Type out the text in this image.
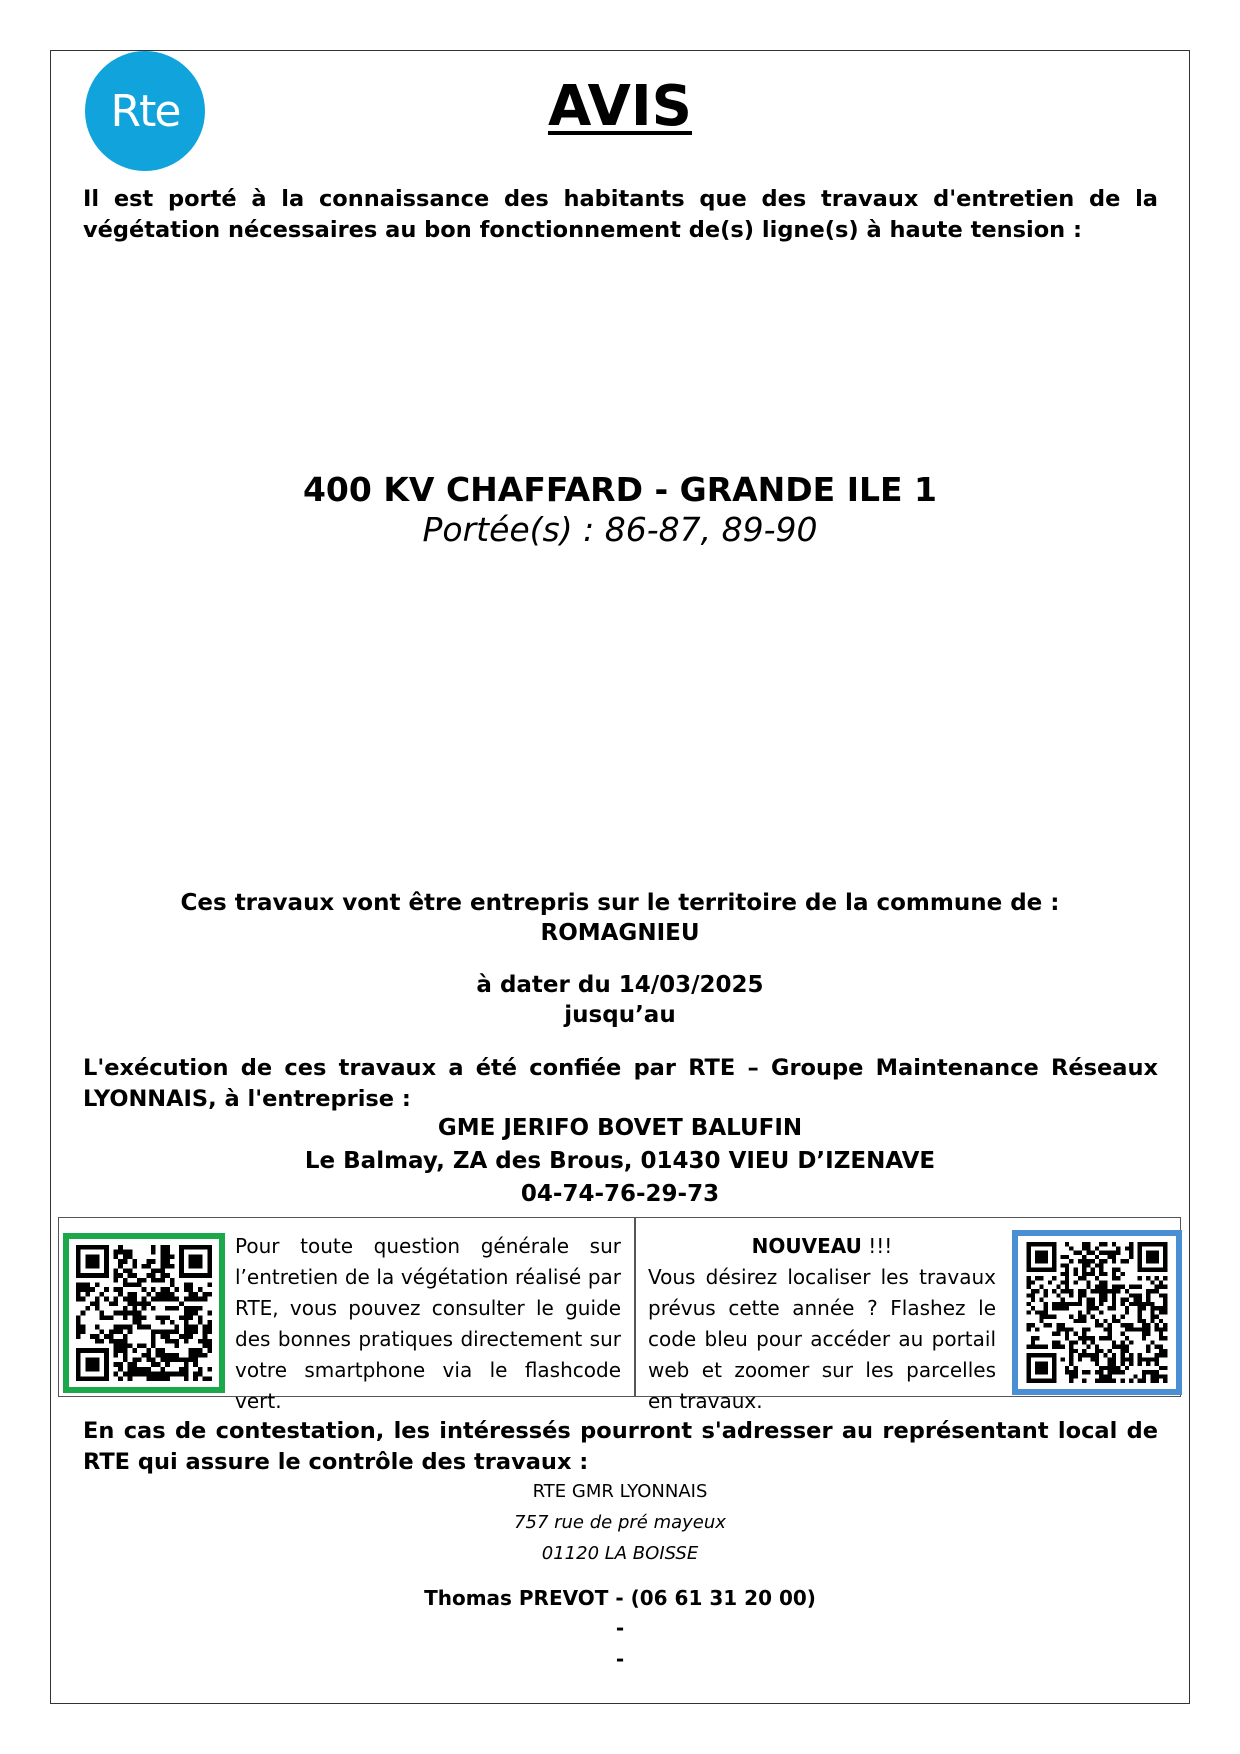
Rte	AVIS
Il est porté à la connaissance des habitants que des travaux d'entretien de la végétation nécessaires au bon fonctionnement de(s) ligne(s) à haute tension :
400 KV CHAFFARD - GRANDE ILE 1
Portée(s) : 86-87, 89-90
Ces travaux vont être entrepris sur le territoire de la commune de :
ROMAGNIEU
à dater du 14/03/2025
jusqu’au
L'exécution de ces travaux a été confiée par RTE – Groupe Maintenance Réseaux LYONNAIS, à l'entreprise :
GME JERIFO BOVET BALUFIN
Le Balmay, ZA des Brous, 01430 VIEU D’IZENAVE
04-74-76-29-73
Pour toute question générale sur l’entretien de la végétation réalisé par RTE, vous pouvez consulter le guide des bonnes pratiques directement sur votre smartphone via le flashcode vert.
NOUVEAU !!!
Vous désirez localiser les travaux prévus cette année ? Flashez le code bleu pour accéder au portail web et zoomer sur les parcelles en travaux.
En cas de contestation, les intéressés pourront s'adresser au représentant local de RTE qui assure le contrôle des travaux :
RTE GMR LYONNAIS
757 rue de pré mayeux
01120 LA BOISSE
Thomas PREVOT - (06 61 31 20 00)
-
-
